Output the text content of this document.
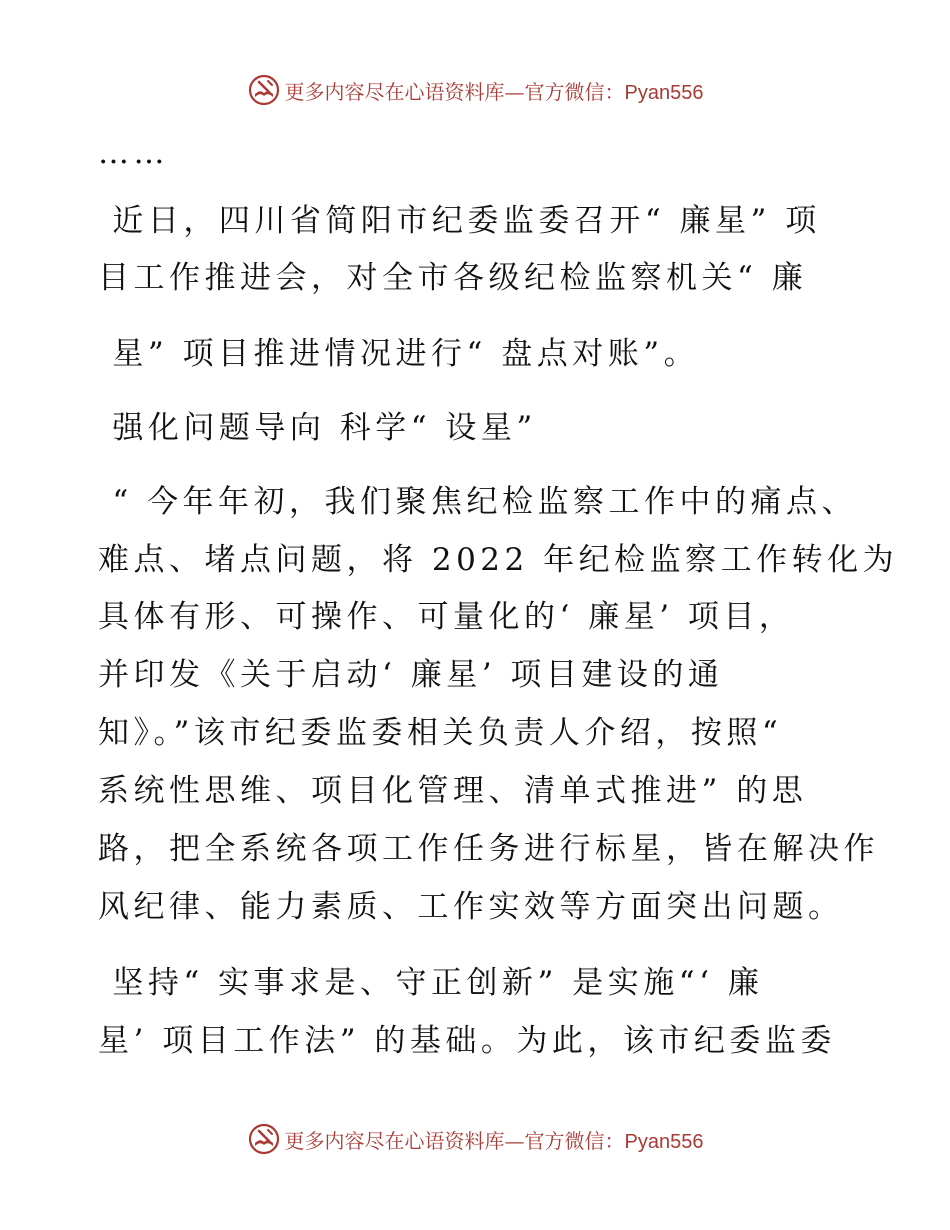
更多内容尽在心语资料库—官方微信：Pyan556
……
近日，四川省简阳市纪委监委召开“ 廉星” 项
目工作推进会，对全市各级纪检监察机关“ 廉
星” 项目推进情况进行“ 盘点对账”。
强化问题导向 科学“ 设星”
“ 今年年初，我们聚焦纪检监察工作中的痛点、
难点、堵点问题，将 2022 年纪检监察工作转化为
具体有形、可操作、可量化的‘ 廉星’ 项目，
并印发《关于启动‘ 廉星’ 项目建设的通
知》。”该市纪委监委相关负责人介绍，按照“
系统性思维、项目化管理、清单式推进” 的思
路，把全系统各项工作任务进行标星，皆在解决作
风纪律、能力素质、工作实效等方面突出问题。
坚持“ 实事求是、守正创新” 是实施“‘ 廉
星’ 项目工作法” 的基础。为此，该市纪委监委
更多内容尽在心语资料库—官方微信：Pyan556
